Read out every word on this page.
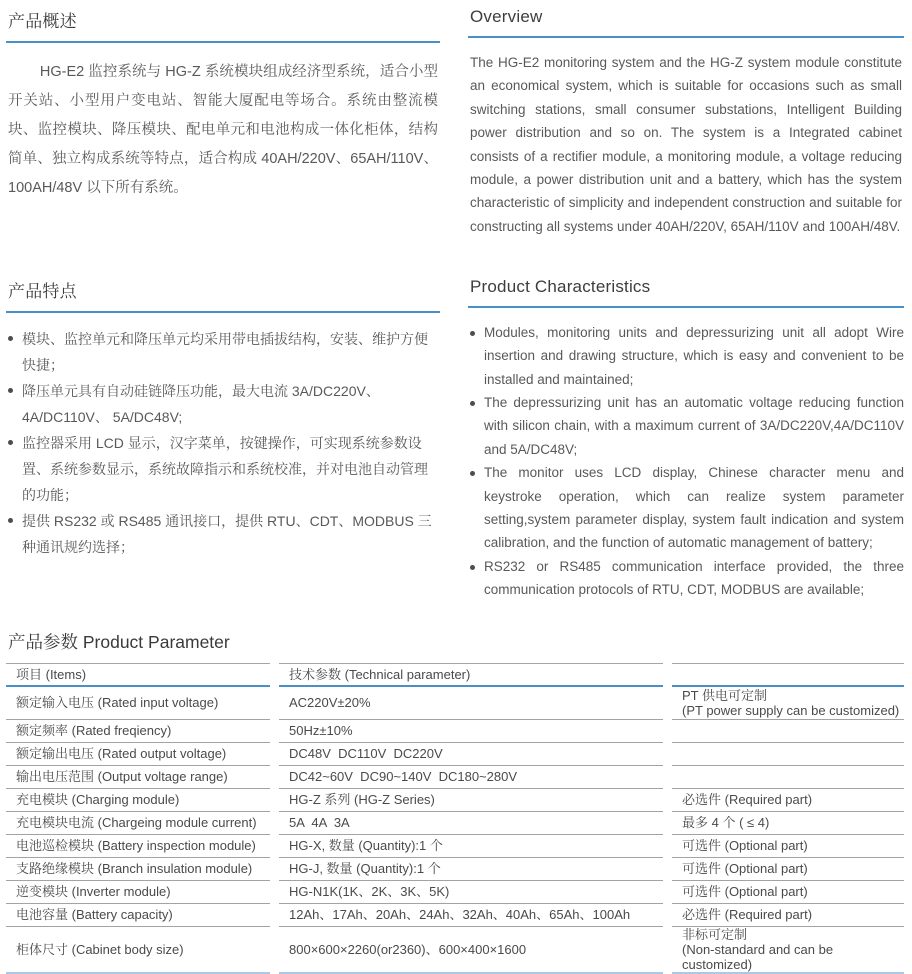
产品概述

HG-E2 监控系统与 HG-Z 系统模块组成经济型系统，适合小型开关站、小型用户变电站、智能大厦配电等场合。系统由整流模块、监控模块、降压模块、配电单元和电池构成一体化柜体，结构简单、独立构成系统等特点，适合构成 40AH/220V、65AH/110V、100AH/48V 以下所有系统。

Overview

The HG-E2 monitoring system and the HG-Z system module constitute an economical system, which is suitable for occasions such as small switching stations, small consumer substations, Intelligent Building power distribution and so on. The system is a Integrated cabinet consists of a rectifier module, a monitoring module, a voltage reducing module, a power distribution unit and a battery, which has the system characteristic of simplicity and independent construction and suitable for constructing all systems under 40AH/220V, 65AH/110V and 100AH/48V.

产品特点
模块、监控单元和降压单元均采用带电插拔结构，安装、维护方便快捷；
降压单元具有自动硅链降压功能，最大电流 3A/DC220V、4A/DC110V、 5A/DC48V;
监控器采用 LCD 显示，汉字菜单，按键操作，可实现系统参数设置、系统参数显示，系统故障指示和系统校准，并对电池自动管理的功能；
提供 RS232 或 RS485 通讯接口，提供 RTU、CDT、MODBUS 三种通讯规约选择；
Product Characteristics
Modules, monitoring units and depressurizing unit all adopt Wire insertion and drawing structure, which is easy and convenient to be installed and maintained;
The depressurizing unit has an automatic voltage reducing function with silicon chain, with a maximum current of 3A/DC220V,4A/DC110V and 5A/DC48V;
The monitor uses LCD display, Chinese character menu and keystroke operation, which can realize system parameter setting,system parameter display, system fault indication and system calibration, and the function of automatic management of battery;
RS232 or RS485 communication interface provided, the three communication protocols of RTU, CDT, MODBUS are available;
产品参数 Product Parameter
项目 (Items)	技术参数 (Technical parameter)
额定输入电压 (Rated input voltage)	AC220V±20%	PT 供电可定制
(PT power supply can be customized)
额定频率 (Rated freqiency)	50Hz±10%
额定输出电压 (Rated output voltage)	DC48V  DC110V  DC220V
输出电压范围 (Output voltage range)	DC42~60V  DC90~140V  DC180~280V
充电模块 (Charging module)	HG-Z 系列 (HG-Z Series)	必选件 (Required part)
充电模块电流 (Chargeing module current)	5A  4A  3A	最多 4 个 ( ≤ 4)
电池巡检模块 (Battery inspection module)	HG-X, 数量 (Quantity):1 个	可选件 (Optional part)
支路绝缘模块 (Branch insulation module)	HG-J, 数量 (Quantity):1 个	可选件 (Optional part)
逆变模块 (Inverter module)	HG-N1K(1K、2K、3K、5K)	可选件 (Optional part)
电池容量 (Battery capacity)	12Ah、17Ah、20Ah、24Ah、32Ah、40Ah、65Ah、100Ah	必选件 (Required part)
柜体尺寸 (Cabinet body size)	800×600×2260(or2360)、600×400×1600
非标可定制
(Non-standard and can be customized)
